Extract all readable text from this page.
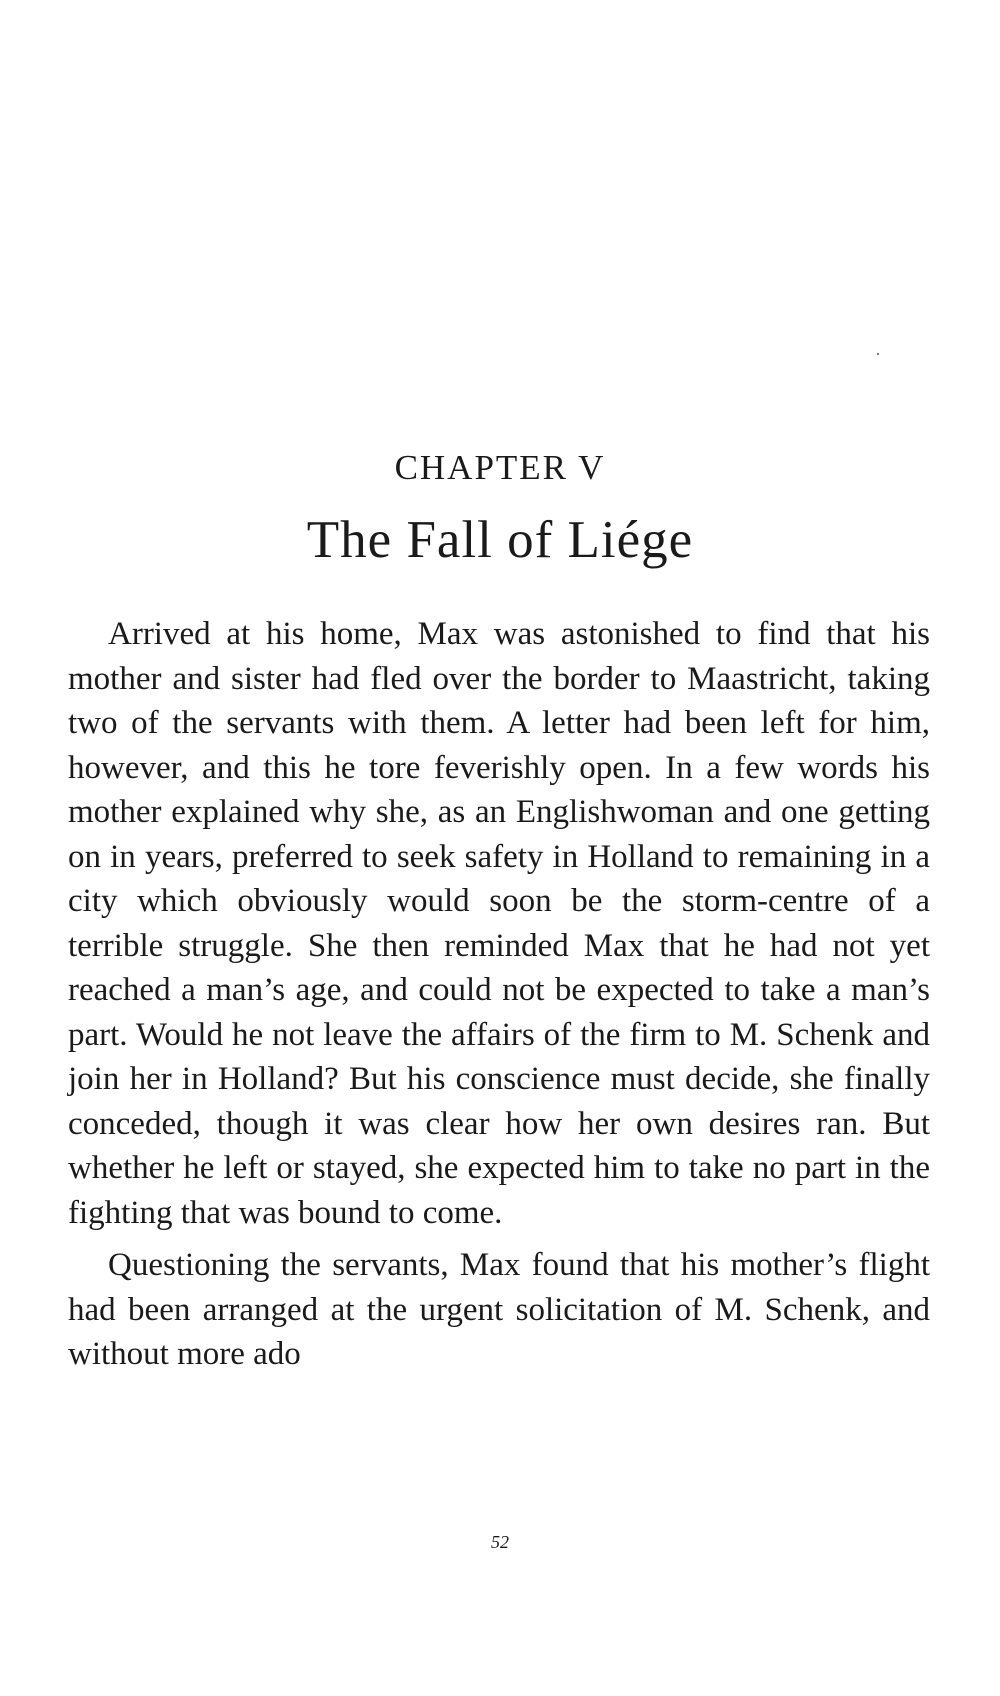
CHAPTER V
The Fall of Liége

Arrived at his home, Max was astonished to find that his mother and sister had fled over the border to Maastricht, taking two of the servants with them. A letter had been left for him, however, and this he tore feverishly open. In a few words his mother explained why she, as an Englishwoman and one getting on in years, preferred to seek safety in Holland to remaining in a city which obviously would soon be the storm-centre of a terrible struggle. She then reminded Max that he had not yet reached a man’s age, and could not be expected to take a man’s part. Would he not leave the affairs of the firm to M. Schenk and join her in Holland? But his conscience must decide, she finally conceded, though it was clear how her own desires ran. But whether he left or stayed, she expected him to take no part in the fighting that was bound to come.

Questioning the servants, Max found that his mother’s flight had been arranged at the urgent solicitation of M. Schenk, and without more ado

52
